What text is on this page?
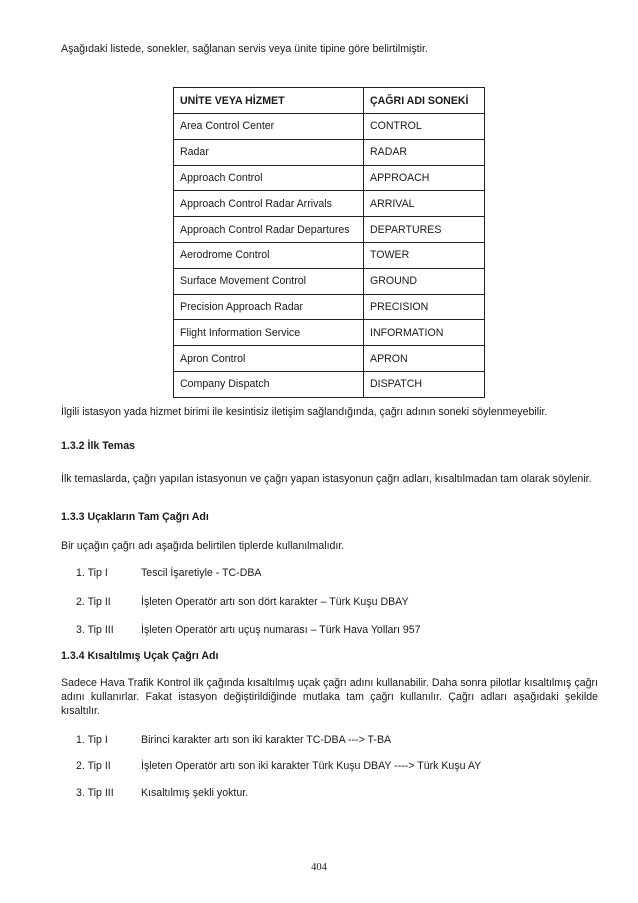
Aşağıdaki listede, sonekler, sağlanan servis veya ünite tipine göre belirtilmiştir.

UNİTE VEYA HİZMET	ÇAĞRI ADI SONEKİ
Area Control Center	CONTROL
Radar	RADAR
Approach Control	APPROACH
Approach Control Radar Arrivals	ARRIVAL
Approach Control Radar Departures	DEPARTURES
Aerodrome Control	TOWER
Surface Movement Control	GROUND
Precision Approach Radar	PRECISION
Flight Information Service	INFORMATION
Apron Control	APRON
Company Dispatch	DISPATCH

İlgili istasyon yada hizmet birimi ile kesintisiz iletişim sağlandığında, çağrı adının soneki söylenmeyebilir.

1.3.2 İlk Temas

İlk temaslarda, çağrı yapılan istasyonun ve çağrı yapan istasyonun çağrı adları, kısaltılmadan tam olarak söylenir.

1.3.3 Uçakların Tam Çağrı Adı

Bir uçağın çağrı adı aşağıda belirtilen tiplerde kullanılmalıdır.

1. Tip I	Tescil İşaretiyle - TC-DBA
2. Tip II	İşleten Operatör artı son dört karakter – Türk Kuşu DBAY
3. Tip III	İşleten Operatör artı uçuş numarası – Türk Hava Yolları 957

1.3.4 Kısaltılmış Uçak Çağrı Adı

Sadece Hava Trafik Kontrol ilk çağında kısaltılmış uçak çağrı adını kullanabilir. Daha sonra pilotlar kısaltılmış çağrı adını kullanırlar. Fakat istasyon değiştirildiğinde mutlaka tam çağrı kullanılır. Çağrı adları aşağıdaki şekilde kısaltılır.

1. Tip I	Birinci karakter artı son iki karakter TC-DBA ---> T-BA
2. Tip II	İşleten Operatör artı son iki karakter Türk Kuşu DBAY ----> Türk Kuşu AY
3. Tip III	Kısaltılmış şekli yoktur.
404
